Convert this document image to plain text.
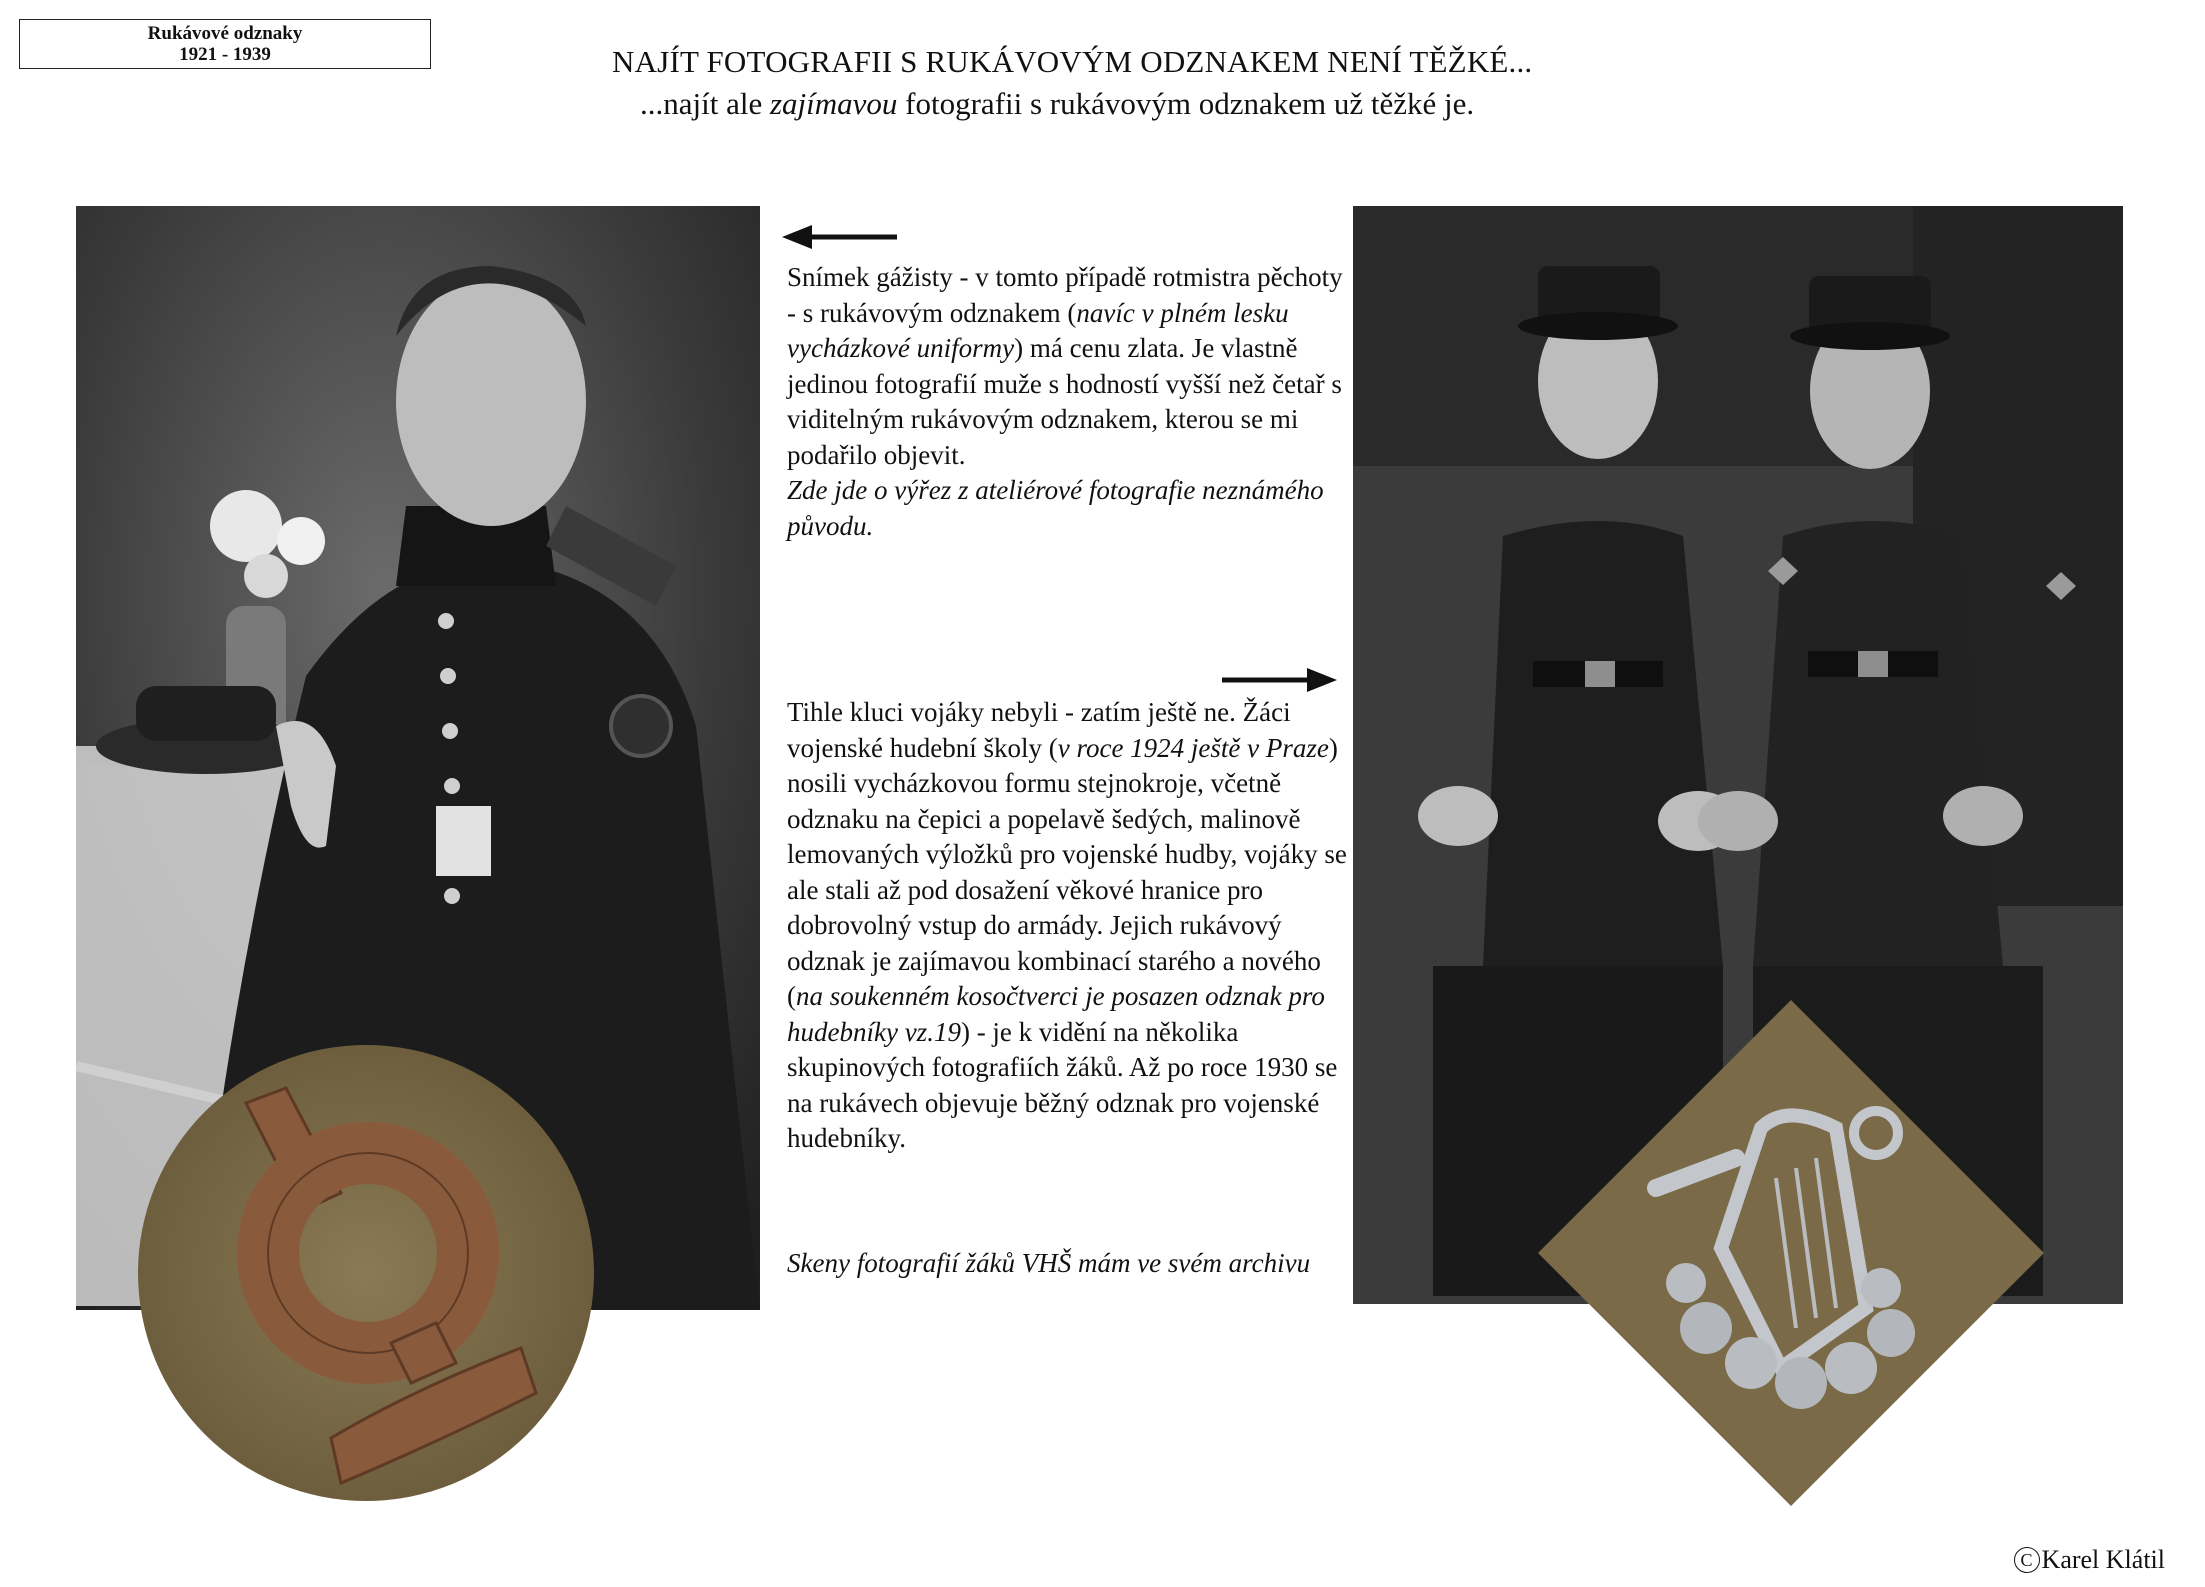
Rukávové odznaky
1921 - 1939	NAJÍT FOTOGRAFII S RUKÁVOVÝM ODZNAKEM NENÍ TĚŽKÉ...
...najít ale zajímavou fotografii s rukávovým odznakem už těžké je.

Snímek gážisty - v tomto případě rotmistra pěchoty - s rukávovým odznakem (navíc v plném lesku vycházkové uniformy) má cenu zlata. Je vlastně jedinou fotografií muže s hodností vyšší než četař s viditelným rukávovým odznakem, kterou se mi podařilo objevit.

Zde jde o výřez z ateliérové fotografie neznámého původu.

Tihle kluci vojáky nebyli - zatím ještě ne. Žáci vojenské hudební školy (v roce 1924 ještě v Praze) nosili vycházkovou formu stejnokroje, včetně odznaku na čepici a popelavě šedých, malinově lemovaných výložků pro vojenské hudby, vojáky se ale stali až pod dosažení věkové hranice pro dobrovolný vstup do armády. Jejich rukávový odznak je zajímavou kombinací starého a nového (na soukenném kosočtverci je posazen odznak pro hudebníky vz.19) - je k vidění na několika skupinových fotografiích žáků. Až po roce 1930 se na rukávech objevuje běžný odznak pro vojenské hudebníky.

Skeny fotografií žáků VHŠ mám ve svém archivu

C Karel Klátil
